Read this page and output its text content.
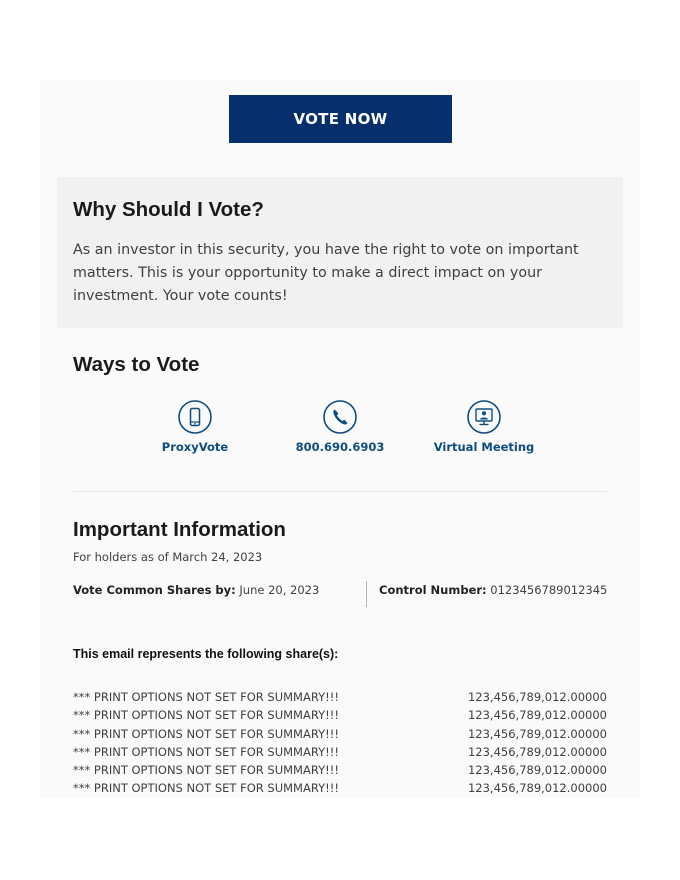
VOTE NOW
Why Should I Vote?

As an investor in this security, you have the right to vote on important matters. This is your opportunity to make a direct impact on your investment. Your vote counts!

Ways to Vote
ProxyVote	800.690.6903	Virtual Meeting
Important Information
For holders as of March 24, 2023
Vote Common Shares by: June 20, 2023	Control Number: 0123456789012345
This email represents the following share(s):
*** PRINT OPTIONS NOT SET FOR SUMMARY!!!	123,456,789,012.00000
*** PRINT OPTIONS NOT SET FOR SUMMARY!!!	123,456,789,012.00000
*** PRINT OPTIONS NOT SET FOR SUMMARY!!!	123,456,789,012.00000
*** PRINT OPTIONS NOT SET FOR SUMMARY!!!	123,456,789,012.00000
*** PRINT OPTIONS NOT SET FOR SUMMARY!!!	123,456,789,012.00000
*** PRINT OPTIONS NOT SET FOR SUMMARY!!!	123,456,789,012.00000
